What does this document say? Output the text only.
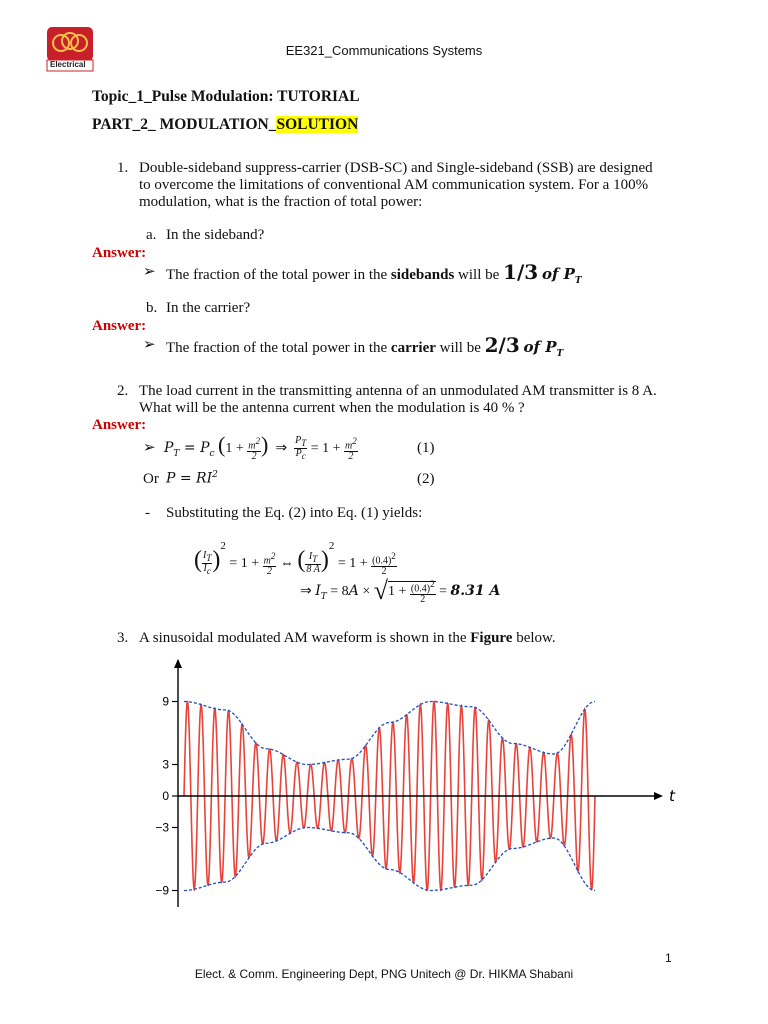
Electrical
EE321_Communications Systems
Topic_1_Pulse Modulation: TUTORIAL
PART_2_ MODULATION_SOLUTION
1. Double-sideband suppress-carrier (DSB-SC) and Single-sideband (SSB) are designed
to overcome the limitations of conventional AM communication system. For a 100%
modulation, what is the fraction of total power:
a. In the sideband?
Answer:
➢ The fraction of the total power in the sidebands will be 1/3 of $P_T$
b. In the carrier?
Answer:
➢ The fraction of the total power in the carrier will be 2/3 of $P_T$
2. The load current in the transmitting antenna of an unmodulated AM transmitter is 8 A.
What will be the antenna current when the modulation is 40 % ?
Answer:
➢ $P_T = P_c$ ($1 + \frac{m^2}{2}$ )  ⇒ $\frac{P_T}{P_c} = 1 + \frac{m^2}{2}$	(1)
Or $P = RI^2$	(2)
- Substituting the Eq. (2) into Eq. (1) yields:
( $\frac{I_T}{I_c} )^2 = 1 + \frac{m^2}{2}$ ⇔ ( $\frac{I_T}{8 A} )^2 = 1 + \frac{(0.4)^2}{2}$
⇒ $I_T = 8A \times √1 + \frac{(0.4)^2}{2} = 8.31$ A
3. A sinusoidal modulated AM waveform is shown in the Figure below.
9
3
0
−3
−9
t
1
Elect. & Comm. Engineering Dept, PNG Unitech @ Dr. HIKMA Shabani
